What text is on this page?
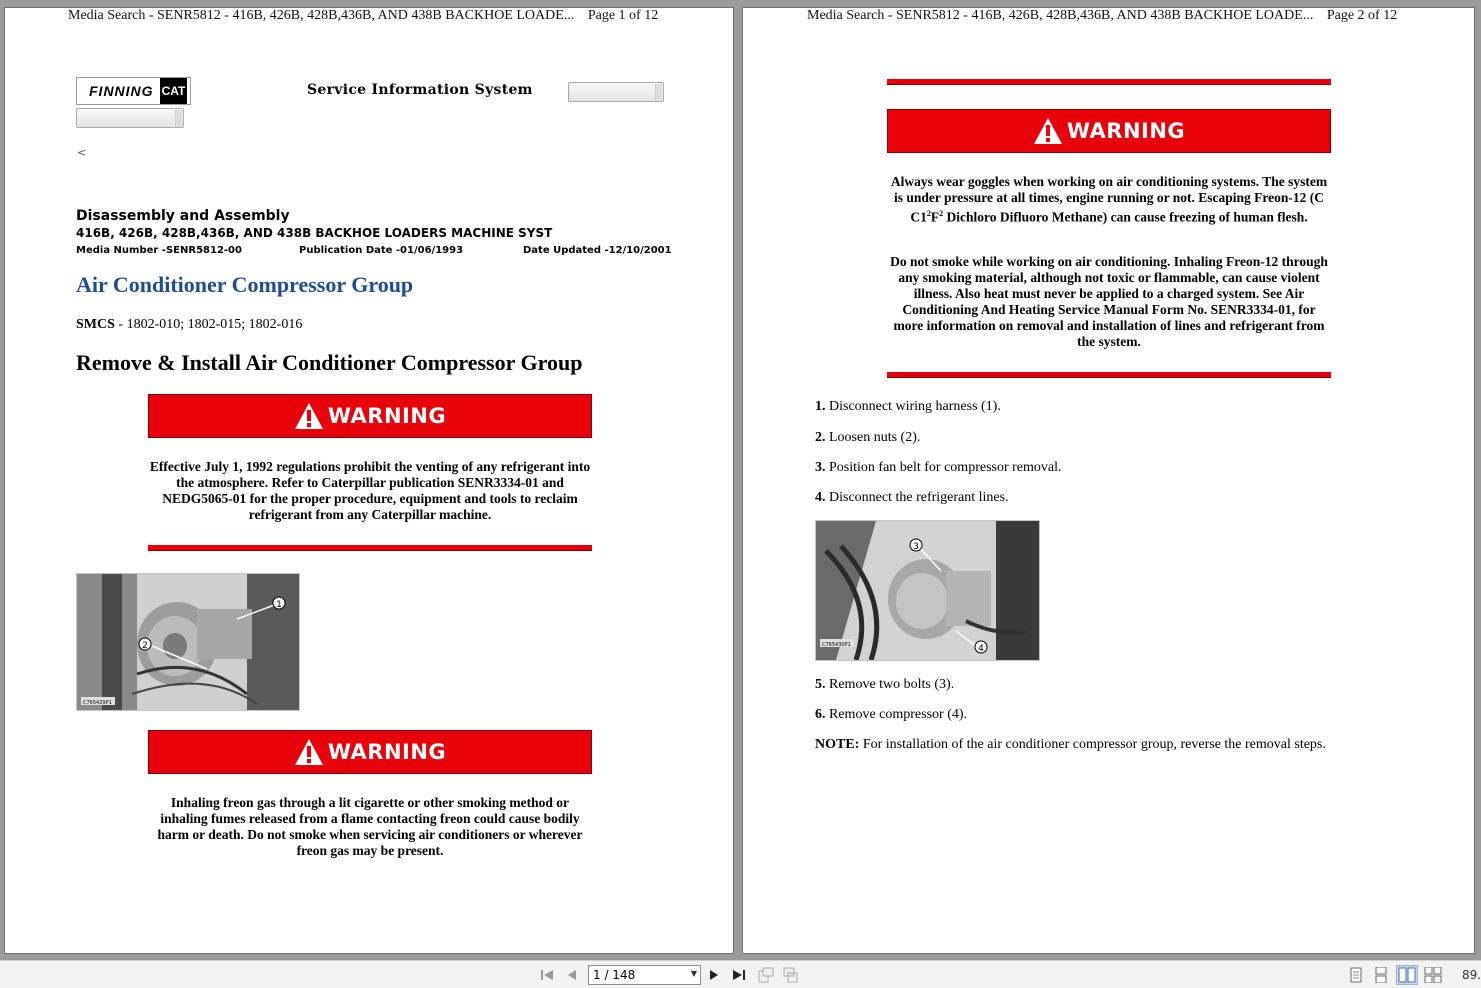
Media Search - SENR5812 - 416B, 426B, 428B,436B, AND 438B BACKHOE LOADE... Page 1 of 12
FINNING CAT	Service Information System
<
Disassembly and Assembly
416B, 426B, 428B,436B, AND 438B BACKHOE LOADERS MACHINE SYST
Media Number -SENR5812-00	Publication Date -01/06/1993	Date Updated -12/10/2001
Air Conditioner Compressor Group
SMCS - 1802-010; 1802-015; 1802-016
Remove & Install Air Conditioner Compressor Group
WARNING
Effective July 1, 1992 regulations prohibit the venting of any refrigerant into the atmosphere. Refer to Caterpillar publication SENR3334-01 and NEDG5065-01 for the proper procedure, equipment and tools to reclaim refrigerant from any Caterpillar machine.
1
2
C765429P1
WARNING
Inhaling freon gas through a lit cigarette or other smoking method or inhaling fumes released from a flame contacting freon could cause bodily harm or death. Do not smoke when servicing air conditioners or wherever freon gas may be present.
Media Search - SENR5812 - 416B, 426B, 428B,436B, AND 438B BACKHOE LOADE... Page 2 of 12
WARNING
Always wear goggles when working on air conditioning systems. The system is under pressure at all times, engine running or not. Escaping Freon-12 (C $C1^2F^2$ Dichloro Difluoro Methane) can cause freezing of human flesh.
Do not smoke while working on air conditioning. Inhaling Freon-12 through any smoking material, although not toxic or flammable, can cause violent illness. Also heat must never be applied to a charged system. See Air Conditioning And Heating Service Manual Form No. SENR3334-01, for more information on removal and installation of lines and refrigerant from the system.
1. Disconnect wiring harness (1).
2. Loosen nuts (2).
3. Position fan belt for compressor removal.
4. Disconnect the refrigerant lines.
3
4
C765430P1
5. Remove two bolts (3).
6. Remove compressor (4).
NOTE: For installation of the air conditioner compressor group, reverse the removal steps.
1 / 148	▼	89.
